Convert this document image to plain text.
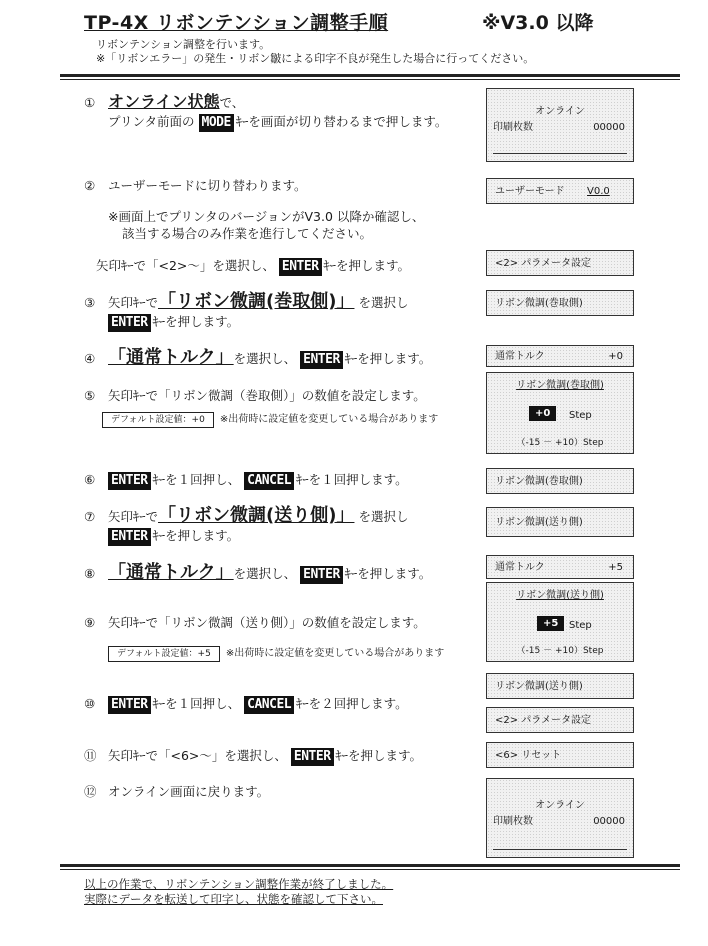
TP-4X リボンテンション調整手順	※V3.0 以降
リボンテンション調整を行います。
※「リボンエラー」の発生・リボン皺による印字不良が発生した場合に行ってください。
① オンライン状態で、
プリンタ前面の MODE ｷｰを画面が切り替わるまで押します。
② ユーザーモードに切り替わります。
※画面上でプリンタのバージョンがV3.0 以降か確認し、
該当する場合のみ作業を進行してください。
矢印ｷｰで「<2>～」を選択し、 ENTER ｷｰを押します。
③ 矢印ｷｰで「リボン微調(巻取側)」 を選択し
ENTER ｷｰを押します。
④ 「通常トルク」を選択し、 ENTER ｷｰを押します。
⑤ 矢印ｷｰで「リボン微調（巻取側）」の数値を設定します。
デフォルト設定値：+0 ※出荷時に設定値を変更している場合があります
⑥ ENTER ｷｰを１回押し、 CANCEL ｷｰを１回押します。
⑦ 矢印ｷｰで「リボン微調(送り側)」 を選択し
ENTER ｷｰを押します。
⑧ 「通常トルク」を選択し、 ENTER ｷｰを押します。
⑨ 矢印ｷｰで「リボン微調（送り側）」の数値を設定します。
デフォルト設定値：+5 ※出荷時に設定値を変更している場合があります
⑩ ENTER ｷｰを１回押し、 CANCEL ｷｰを２回押します。
⑪ 矢印ｷｰで「<6>～」を選択し、 ENTER ｷｰを押します。
⑫ オンライン画面に戻ります。
オンライン
印刷枚数	00000
ユーザーモード V0.0
<2> パラメータ設定
リボン微調(巻取側)
通常トルク	+0
リボン微調(巻取側)
+0	Step
（-15 － +10）Step
リボン微調(巻取側)
リボン微調(送り側)
通常トルク	+5
リボン微調(送り側)
+5	Step
（-15 － +10）Step
リボン微調(送り側)
<2> パラメータ設定
<6> リセット
オンライン
印刷枚数	00000
以上の作業で、リボンテンション調整作業が終了しました。
実際にデータを転送して印字し、状態を確認して下さい。
